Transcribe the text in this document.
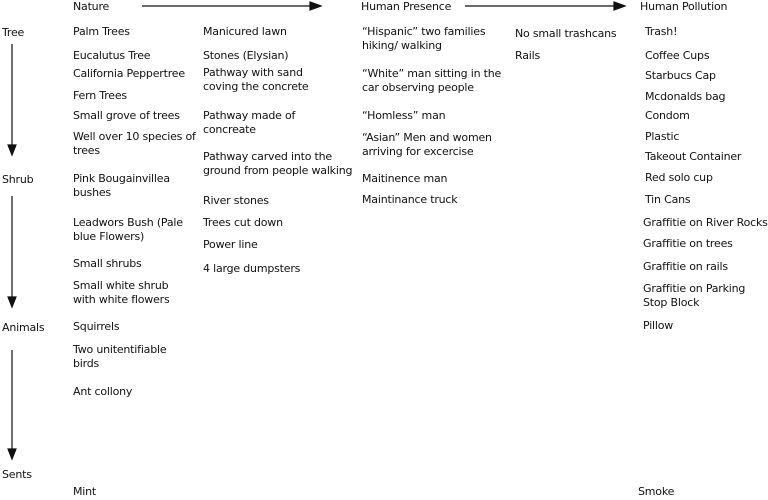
Nature	Human Presence	Human Pollution
Tree
Shrub
Animals
Sents
Palm Trees
Eucalutus Tree
California Peppertree
Fern Trees
Small grove of trees
Well over 10 species of trees
Pink Bougainvillea bushes
Leadwors Bush (Pale blue Flowers)
Small shrubs
Small white shrub with white flowers
Squirrels
Two unitentifiable birds
Ant collony
Mint
Manicured lawn
Stones (Elysian)
Pathway with sand coving the concrete
Pathway made of concreate
Pathway carved into the ground from people walking
River stones
Trees cut down
Power line
4 large dumpsters
“Hispanic” two families hiking/ walking
“White” man sitting in the car observing people
“Homless” man
“Asian” Men and women arriving for excercise
Maitinence man
Maintinance truck
No small trashcans
Rails
Trash!
Coffee Cups
Starbucs Cap
Mcdonalds bag
Condom
Plastic
Takeout Container
Red solo cup
Tin Cans
Graffitie on River Rocks
Graffitie on trees
Graffitie on rails
Graffitie on Parking Stop Block
Pillow
Smoke
